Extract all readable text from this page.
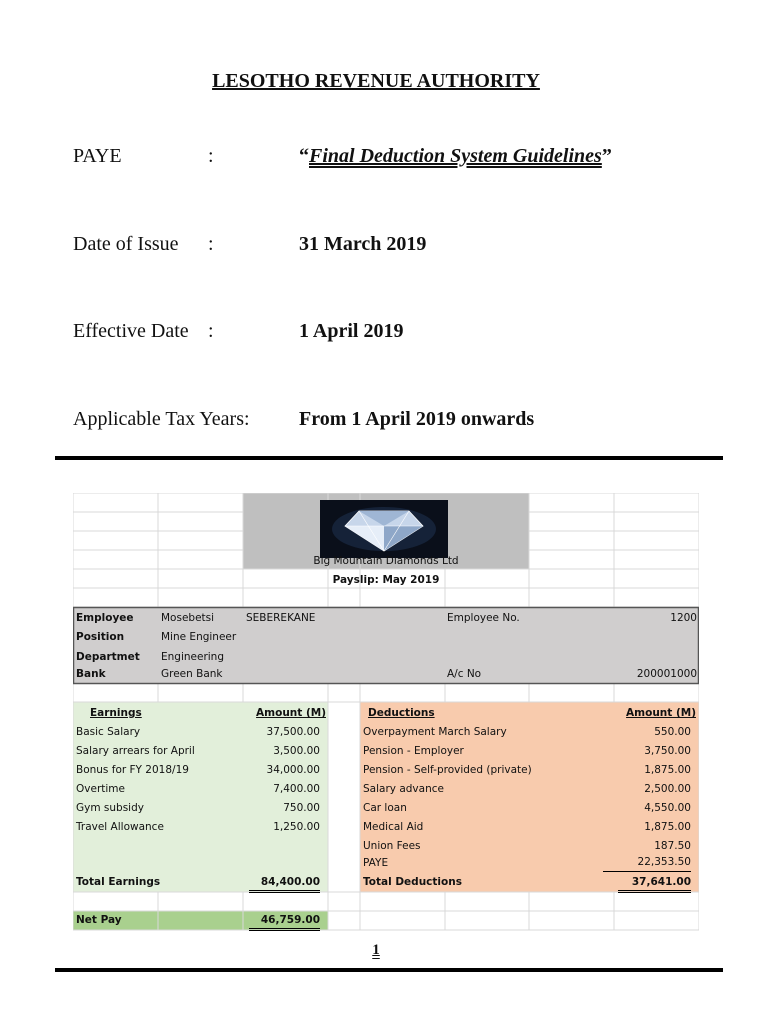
LESOTHO REVENUE AUTHORITY
PAYE	:	“Final Deduction System Guidelines”
Date of Issue :	31 March 2019
Effective Date :	1 April 2019
Applicable Tax Years: From 1 April 2019 onwards
Big Mountain Diamonds Ltd
Payslip: May 2019
Employee	Mosebetsi	SEBEREKANE	Employee No.	1200
Position	Mine Engineer
Departmet Engineering
Bank	Green Bank	A/c No	200001000
Earnings	Amount (M)
Basic Salary	37,500.00
Salary arrears for April	3,500.00
Bonus for FY 2018/19	34,000.00
Overtime	7,400.00
Gym subsidy	750.00
Travel Allowance	1,250.00
Total Earnings	84,400.00
Net Pay	46,759.00
Deductions	Amount (M)
Overpayment March Salary	550.00
Pension - Employer	3,750.00
Pension - Self-provided (private)	1,875.00
Salary advance	2,500.00
Car loan	4,550.00
Medical Aid	1,875.00
Union Fees	187.50
PAYE	22,353.50
Total Deductions	37,641.00
1
